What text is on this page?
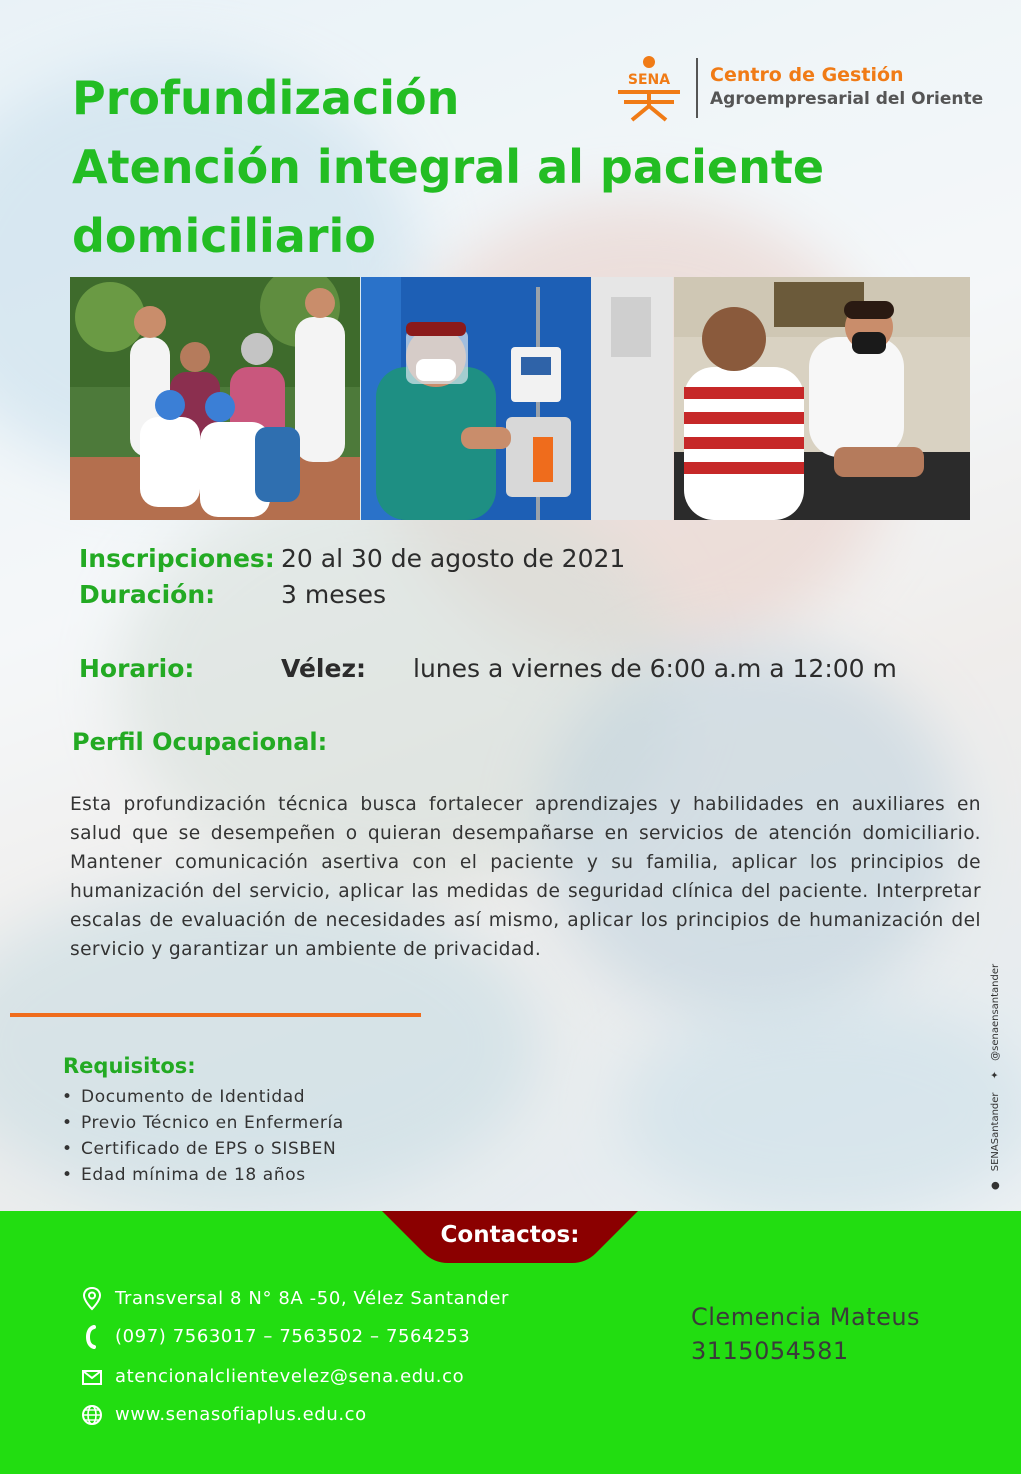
Profundización
Atención integral al paciente
domiciliario
SENA Centro de Gestión
Agroempresarial del Oriente
Inscripciones: 20 al 30 de agosto de 2021
Duración:	3 meses
Horario:	Vélez: lunes a viernes de 6:00 a.m a 12:00 m
Perfil Ocupacional:

Esta profundización técnica busca fortalecer aprendizajes y habilidades en auxiliares en salud que se desempeñen o quieran desempañarse en servicios de atención domiciliario. Mantener comunicación asertiva con el paciente y su familia, aplicar los principios de humanización del servicio, aplicar las medidas de seguridad clínica del paciente. Interpretar escalas de evaluación de necesidades así mismo, aplicar los principios de humanización del servicio y garantizar un ambiente de privacidad.

Requisitos:
• Documento de Identidad
• Previo Técnico en Enfermería
• Certificado de EPS o SISBEN
• Edad mínima de 18 años
●SENASantander ✦@senaensantander
Contactos:
Transversal 8 N° 8A -50, Vélez Santander
(097) 7563017 – 7563502 – 7564253
atencionalclientevelez@sena.edu.co
www.senasofiaplus.edu.co
Clemencia Mateus
3115054581
